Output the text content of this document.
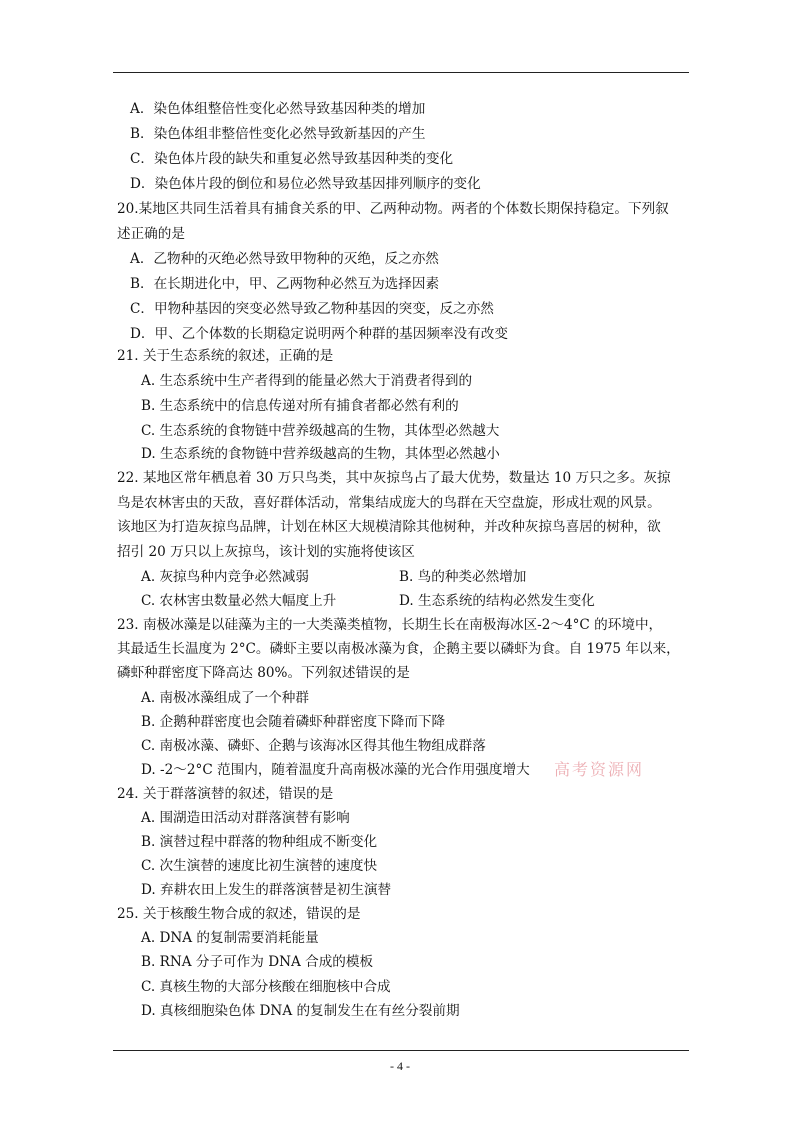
A．染色体组整倍性变化必然导致基因种类的增加
B．染色体组非整倍性变化必然导致新基因的产生
C．染色体片段的缺失和重复必然导致基因种类的变化
D．染色体片段的倒位和易位必然导致基因排列顺序的变化
20.某地区共同生活着具有捕食关系的甲、乙两种动物。两者的个体数长期保持稳定。下列叙
述正确的是
A．乙物种的灭绝必然导致甲物种的灭绝，反之亦然
B．在长期进化中，甲、乙两物种必然互为选择因素
C．甲物种基因的突变必然导致乙物种基因的突变，反之亦然
D．甲、乙个体数的长期稳定说明两个种群的基因频率没有改变
21. 关于生态系统的叙述，正确的是
A. 生态系统中生产者得到的能量必然大于消费者得到的
B. 生态系统中的信息传递对所有捕食者都必然有利的
C. 生态系统的食物链中营养级越高的生物，其体型必然越大
D. 生态系统的食物链中营养级越高的生物，其体型必然越小
22. 某地区常年栖息着 30 万只鸟类，其中灰掠鸟占了最大优势，数量达 10 万只之多。灰掠
鸟是农林害虫的天敌，喜好群体活动，常集结成庞大的鸟群在天空盘旋，形成壮观的风景。
该地区为打造灰掠鸟品牌，计划在林区大规模清除其他树种，并改种灰掠鸟喜居的树种，欲
招引 20 万只以上灰掠鸟，该计划的实施将使该区
A. 灰掠鸟种内竞争必然减弱	B. 鸟的种类必然增加
C. 农林害虫数量必然大幅度上升	D. 生态系统的结构必然发生变化
23. 南极冰藻是以硅藻为主的一大类藻类植物，长期生长在南极海冰区-2～4°C 的环境中，
其最适生长温度为 2°C。磷虾主要以南极冰藻为食，企鹅主要以磷虾为食。自 1975 年以来，
磷虾种群密度下降高达 80%。下列叙述错误的是
A. 南极冰藻组成了一个种群
B. 企鹅种群密度也会随着磷虾种群密度下降而下降
C. 南极冰藻、磷虾、企鹅与该海冰区得其他生物组成群落
D. -2～2°C 范围内，随着温度升高南极冰藻的光合作用强度增大
24. 关于群落演替的叙述，错误的是
A. 围湖造田活动对群落演替有影响
B. 演替过程中群落的物种组成不断变化
C. 次生演替的速度比初生演替的速度快
D. 弃耕农田上发生的群落演替是初生演替
25. 关于核酸生物合成的叙述，错误的是
A. DNA 的复制需要消耗能量
B. RNA 分子可作为 DNA 合成的模板
C. 真核生物的大部分核酸在细胞核中合成
D. 真核细胞染色体 DNA 的复制发生在有丝分裂前期
高考资源网
- 4 -
